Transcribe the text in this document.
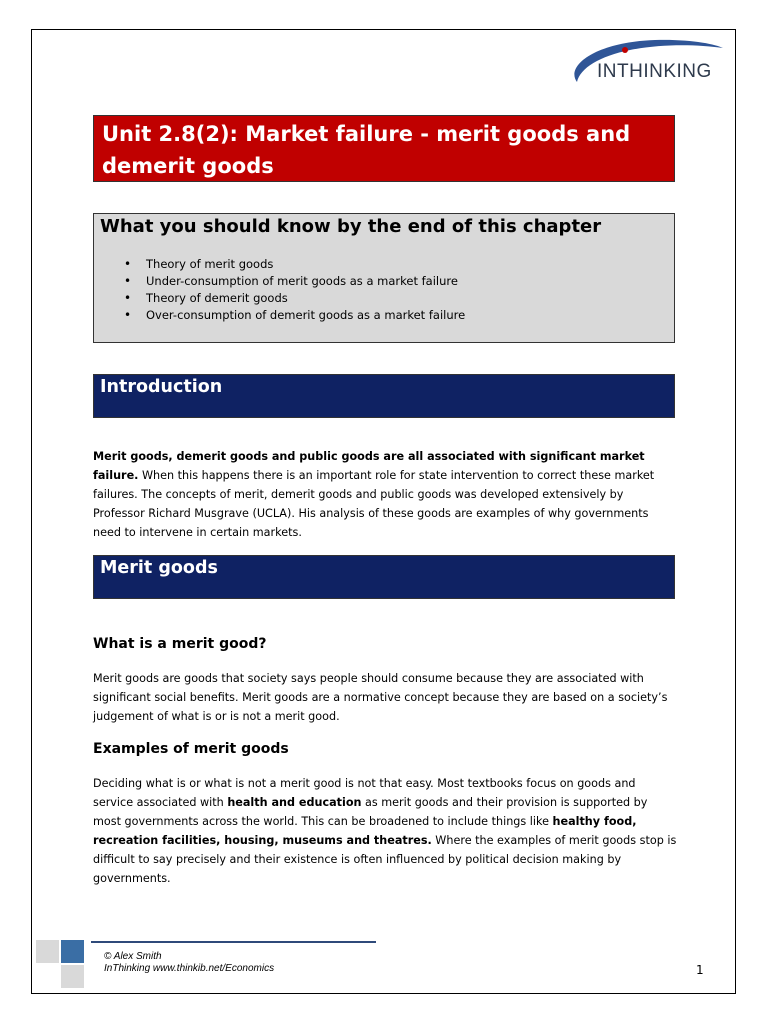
INTHINKING
Unit 2.8(2): Market failure - merit goods and demerit goods
What you should know by the end of this chapter
• Theory of merit goods
• Under-consumption of merit goods as a market failure
• Theory of demerit goods
• Over-consumption of demerit goods as a market failure
Introduction

Merit goods, demerit goods and public goods are all associated with significant market failure. When this happens there is an important role for state intervention to correct these market failures. The concepts of merit, demerit goods and public goods was developed extensively by Professor Richard Musgrave (UCLA). His analysis of these goods are examples of why governments need to intervene in certain markets.

Merit goods
What is a merit good?

Merit goods are goods that society says people should consume because they are associated with significant social benefits. Merit goods are a normative concept because they are based on a society’s judgement of what is or is not a merit good.

Examples of merit goods

Deciding what is or what is not a merit good is not that easy. Most textbooks focus on goods and service associated with health and education as merit goods and their provision is supported by most governments across the world. This can be broadened to include things like healthy food, recreation facilities, housing, museums and theatres. Where the examples of merit goods stop is difficult to say precisely and their existence is often influenced by political decision making by governments.

© Alex Smith
InThinking www.thinkib.net/Economics	1
